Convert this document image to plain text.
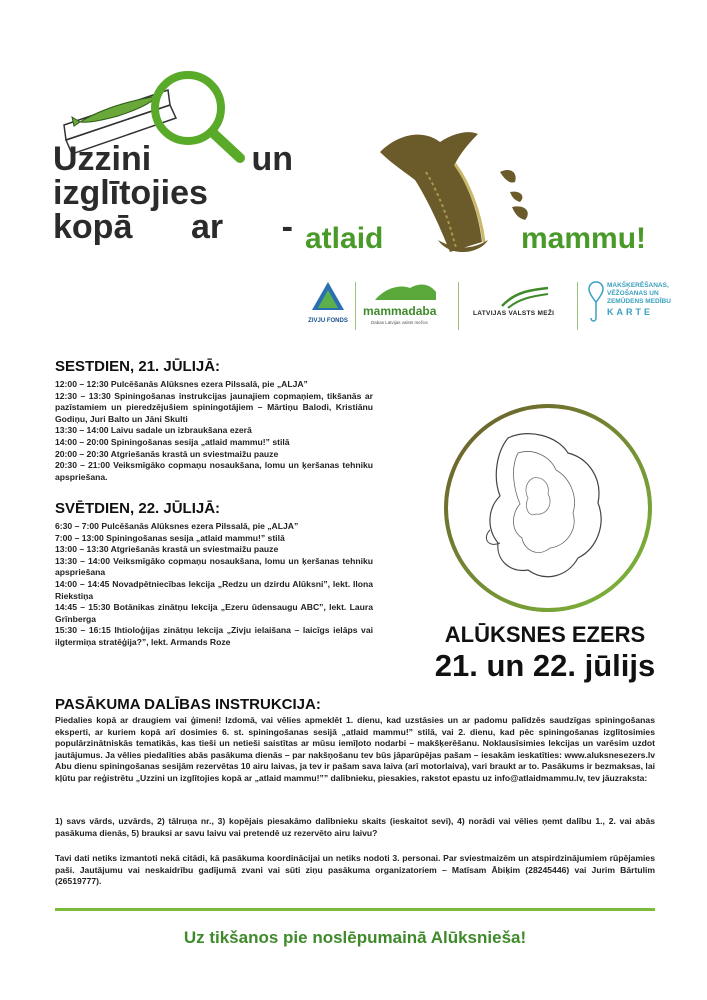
Uzzini un
izglītojies
kopā ar - atlaid	mammu!
ZIVJU FONDS
mammadaba
Dabas Latvijas valsts mežos
LATVIJAS VALSTS MEŽI
MAKŠĶERĒŠANAS,
VĒŽOŠANAS UN
ZEMŪDENS MEDĪBU
KARTE
SESTDIEN, 21. JŪLIJĀ:
12:00 – 12:30 Pulcēšanās Alūksnes ezera Pilssalā, pie „ALJA”
12:30 – 13:30 Spiningošanas instrukcijas jaunajiem copmaņiem, tikšanās ar pazīstamiem un pieredzējušiem spiningotājiem – Mārtiņu Balodi, Kristiānu Godiņu, Juri Balto un Jāni Skulti
13:30 – 14:00 Laivu sadale un izbraukšana ezerā
14:00 – 20:00 Spiningošanas sesija „atlaid mammu!” stilā
20:00 – 20:30 Atgriešanās krastā un sviestmaižu pauze
20:30 – 21:00 Veiksmīgāko copmaņu nosaukšana, lomu un ķeršanas tehniku apspriešana.
SVĒTDIEN, 22. JŪLIJĀ:
6:30 – 7:00 Pulcēšanās Alūksnes ezera Pilssalā, pie „ALJA”
7:00 – 13:00 Spiningošanas sesija „atlaid mammu!” stilā
13:00 – 13:30 Atgriešanās krastā un sviestmaižu pauze
13:30 – 14:00 Veiksmīgāko copmaņu nosaukšana, lomu un ķeršanas tehniku apspriešana
14:00 – 14:45 Novadpētniecības lekcija „Redzu un dzirdu Alūksni”, lekt. Ilona Riekstiņa
14:45 – 15:30 Botānikas zinātņu lekcija „Ezeru ūdensaugu ABC”, lekt. Laura Grīnberga
15:30 – 16:15 Ihtioloģijas zinātņu lekcija „Zivju ielaišana – laicīgs ielāps vai ilgtermiņa stratēģija?”, lekt. Armands Roze	ALŪKSNES EZERS
21. un 22. jūlijs
PASĀKUMA DALĪBAS INSTRUKCIJA:
Piedalies kopā ar draugiem vai ģimeni! Izdomā, vai vēlies apmeklēt 1. dienu, kad uzstāsies un ar padomu palīdzēs saudzīgas spiningošanas eksperti, ar kuriem kopā arī dosimies 6. st. spiningošanas sesijā „atlaid mammu!” stilā, vai 2. dienu, kad pēc spiningošanas izglītosimies populārzinātniskās tematikās, kas tieši un netieši saistītas ar mūsu iemīļoto nodarbi – makšķerēšanu. Noklausīsimies lekcijas un varēsim uzdot jautājumus. Ja vēlies piedalīties abās pasākuma dienās – par nakšņošanu tev būs jāparūpējas pašam – iesakām ieskatīties: www.aluksnesezers.lv Abu dienu spiningošanas sesijām rezervētas 10 airu laivas, ja tev ir pašam sava laiva (arī motorlaiva), vari braukt ar to. Pasākums ir bezmaksas, lai kļūtu par reģistrētu „Uzzini un izglītojies kopā ar „atlaid mammu!”” dalībnieku, piesakies, rakstot epastu uz info@atlaidmammu.lv, tev jāuzraksta:
1) savs vārds, uzvārds, 2) tālruņa nr., 3) kopējais piesakāmo dalībnieku skaits (ieskaitot sevi), 4) norādi vai vēlies ņemt dalību 1., 2. vai abās pasākuma dienās, 5) brauksi ar savu laivu vai pretendē uz rezervēto airu laivu?
Tavi dati netiks izmantoti nekā citādi, kā pasākuma koordinācijai un netiks nodoti 3. personai. Par sviestmaizēm un atspirdzinājumiem rūpējamies paši. Jautājumu vai neskaidrību gadījumā zvani vai sūti ziņu pasākuma organizatoriem – Matīsam Ābiķim (28245446) vai Jurim Bārtulim (26519777).
Uz tikšanos pie noslēpumainā Alūksnieša!
